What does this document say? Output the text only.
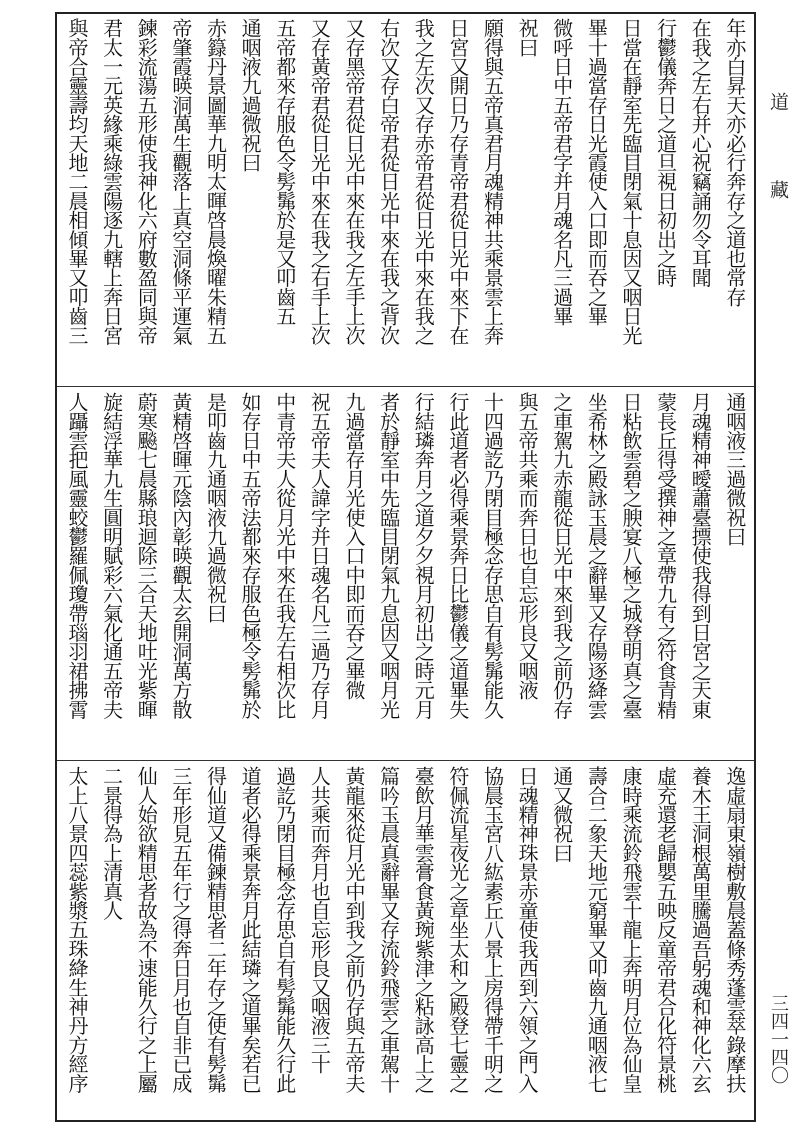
年亦白昇天亦必行奔存之道也常存
在我之左右并心祝竊誦勿令耳聞
行鬱儀奔日之道旦視日初出之時
日當在靜室先臨目閉氣十息因又咽日光
畢十過當存日光霞使入口即而吞之畢
微呼日中五帝君字并月魂名凡三過畢
祝曰
願得與五帝真君月魂精神共乘景雲上奔
日宮又開日乃存青帝君從日光中來下在
我之左次又存赤帝君從日光中來在我之
右次又存白帝君從日光中來在我之背次
又存黑帝君從日光中來在我之左手上次
又存黃帝君從日光中來在我之右手上次
五帝都來存服色令髣髴於是又叩齒五
通咽液九過微祝曰
赤籙丹景圖華九明太暉啓晨煥曜朱精五
帝肇霞暎洞萬生觀落上真空洞條平運氣
鍊彩流蕩五形使我神化六府數盈同與帝
君太一元英緣乘綠雲陽逐九轄上奔日宮
與帝合靈壽均天地二晨相傾畢又叩齒三
通咽液三過微祝曰
月魂精神曖蕭臺摽使我得到日宮之天東
蒙長丘得受撰神之章帶九有之符食青精
日粘飲雲碧之腴宴八極之城登明真之臺
坐希林之殿詠玉晨之辭畢又存陽逐絳雲
之車駕九赤龍從日光中來到我之前仍存
與五帝共乘而奔日也自忘形良又咽液
十四過訖乃閉目極念存思自有髣髴能久
行此道者必得乘景奔日比鬱儀之道畢失
行結璘奔月之道夕夕視月初出之時元月
者於靜室中先臨目閉氣九息因又咽月光
九過當存月光使入口中即而吞之畢微
祝五帝夫人諱字并日魂名凡三過乃存月
中青帝夫人從月光中來在我左右相次比
如存日中五帝法都來存服色極令髣髴於
是叩齒九通咽液九過微祝曰
黃精啓暉元陰內彰暎觀太玄開洞萬方散
蔚寒飈七晨縣琅迴除三合天地吐光紫暉
旋結浮華九生圓明賦彩六氣化通五帝夫
人躡雲把風靈蛟鬱羅佩瓊帶瑙羽裙拂霄
逸虛扇東嶺樹敷晨蓋條秀蓬雲萃錄摩扶
養木王洞根萬里騰過吾躬魂和神化六玄
虛充還老歸嬰五映反童帝君合化符景桃
康時乘流鈴飛雲十龍上奔明月位為仙皇
壽合二象天地元窮畢又叩齒九通咽液七
通又微祝曰
日魂精神珠景赤童使我西到六領之門入
協晨玉宮八紘素丘八景上房得帶千明之
符佩流星夜光之章坐太和之殿登七靈之
臺飲月華雲膏食黃琬紫津之粘詠高上之
篇吟玉晨真辭畢又存流鈴飛雲之車駕十
黃龍來從月光中到我之前仍存與五帝夫
人共乘而奔月也自忘形良又咽液三十
過訖乃閉目極念存思自有髣髴能久行此
道者必得乘景奔月此結璘之道畢矣若已
得仙道又備鍊精思者二年存之使有髣髴
三年形見五年行之得奔日月也自非已成
仙人始欲精思者故為不速能久行之上屬
二景得為上清真人
太上八景四蕊紫漿五珠絳生神丹方經序
道
藏
三四一四〇
